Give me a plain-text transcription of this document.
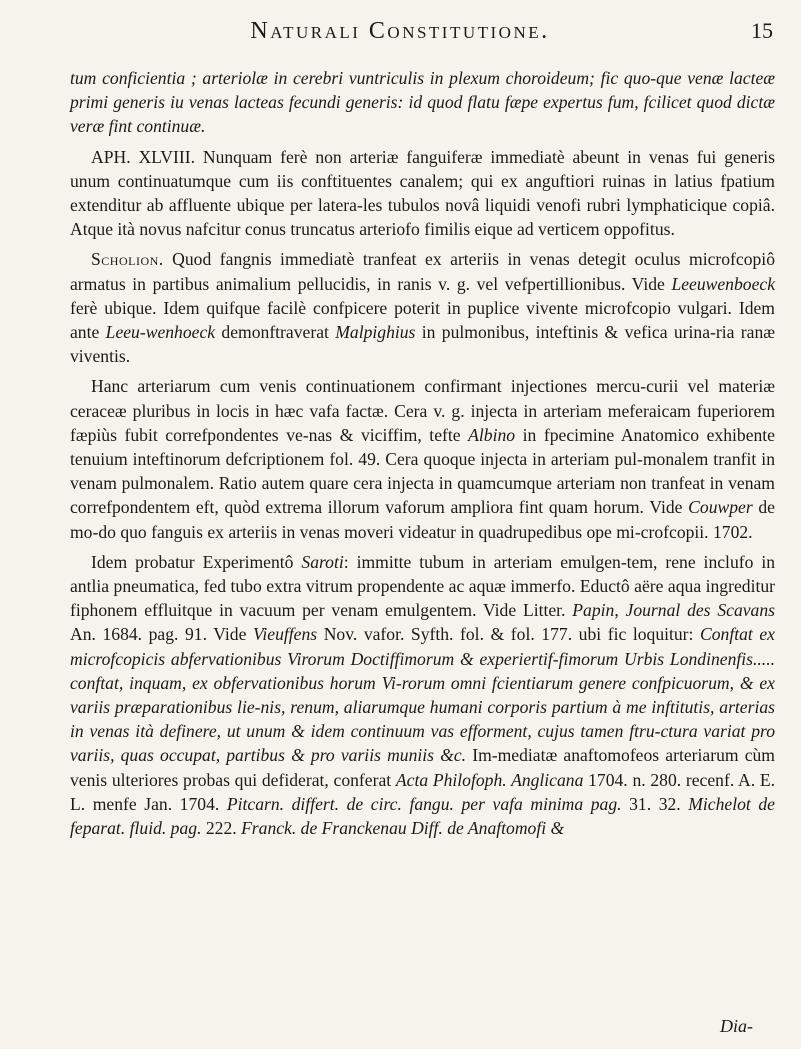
Naturali Constitutione.	15

tum conficientia ; arteriolæ in cerebri vuntriculis in plexum choroideum; fic quo-que venæ lacteæ primi generis iu venas lacteas fecundi generis: id quod flatu fæpe expertus fum, fcilicet quod dictæ veræ fint continuæ.

APH. XLVIII. Nunquam ferè non arteriæ fanguiferæ immediatè abeunt in venas fui generis unum continuatumque cum iis conftituentes canalem; qui ex anguftiori ruinas in latius fpatium extenditur ab affluente ubique per latera-les tubulos novâ liquidi venofi rubri lymphaticique copiâ. Atque ità novus nafcitur conus truncatus arteriofo fimilis eique ad verticem oppofitus.

Scholion. Quod fangnis immediatè tranfeat ex arteriis in venas detegit oculus microfcopiô armatus in partibus animalium pellucidis, in ranis v. g. vel vefpertillionibus. Vide Leeuwenboeck ferè ubique. Idem quifque facilè confpicere poterit in puplice vivente microfcopio vulgari. Idem ante Leeu-wenhoeck demonftraverat Malpighius in pulmonibus, inteftinis & vefica urina-ria ranæ viventis.

Hanc arteriarum cum venis continuationem confirmant injectiones mercu-curii vel materiæ ceraceæ pluribus in locis in hæc vafa factæ. Cera v. g. injecta in arteriam meferaicam fuperiorem fæpiùs fubit correfpondentes ve-nas & viciffim, tefte Albino in fpecimine Anatomico exhibente tenuium inteftinorum defcriptionem fol. 49. Cera quoque injecta in arteriam pul-monalem tranfit in venam pulmonalem. Ratio autem quare cera injecta in quamcumque arteriam non tranfeat in venam correfpondentem eft, quòd extrema illorum vaforum ampliora fint quam horum. Vide Couwper de mo-do quo fanguis ex arteriis in venas moveri videatur in quadrupedibus ope mi-crofcopii. 1702.

Idem probatur Experimentô Saroti: immitte tubum in arteriam emulgen-tem, rene inclufo in antlia pneumatica, fed tubo extra vitrum propendente ac aquæ immerfo. Eductô aëre aqua ingreditur fiphonem effluitque in vacuum per venam emulgentem. Vide Litter. Papin, Journal des Scavans An. 1684. pag. 91. Vide Vieuffens Nov. vafor. Syfth. fol. & fol. 177. ubi fic loquitur: Conftat ex microfcopicis abfervationibus Virorum Doctiffimorum & experiertif-fimorum Urbis Londinenfis..... conftat, inquam, ex obfervationibus horum Vi-rorum omni fcientiarum genere confpicuorum, & ex variis præparationibus lie-nis, renum, aliarumque humani corporis partium à me inftitutis, arterias in venas ità definere, ut unum & idem continuum vas efforment, cujus tamen ftru-ctura variat pro variis, quas occupat, partibus & pro variis muniis &c. Im-mediatæ anaftomofeos arteriarum cùm venis ulteriores probas qui defiderat, conferat Acta Philofoph. Anglicana 1704. n. 280. recenf. A. E. L. menfe Jan. 1704. Pitcarn. differt. de circ. fangu. per vafa minima pag. 31. 32. Michelot de feparat. fluid. pag. 222. Franck. de Franckenau Diff. de Anaftomofi &

Dia-
